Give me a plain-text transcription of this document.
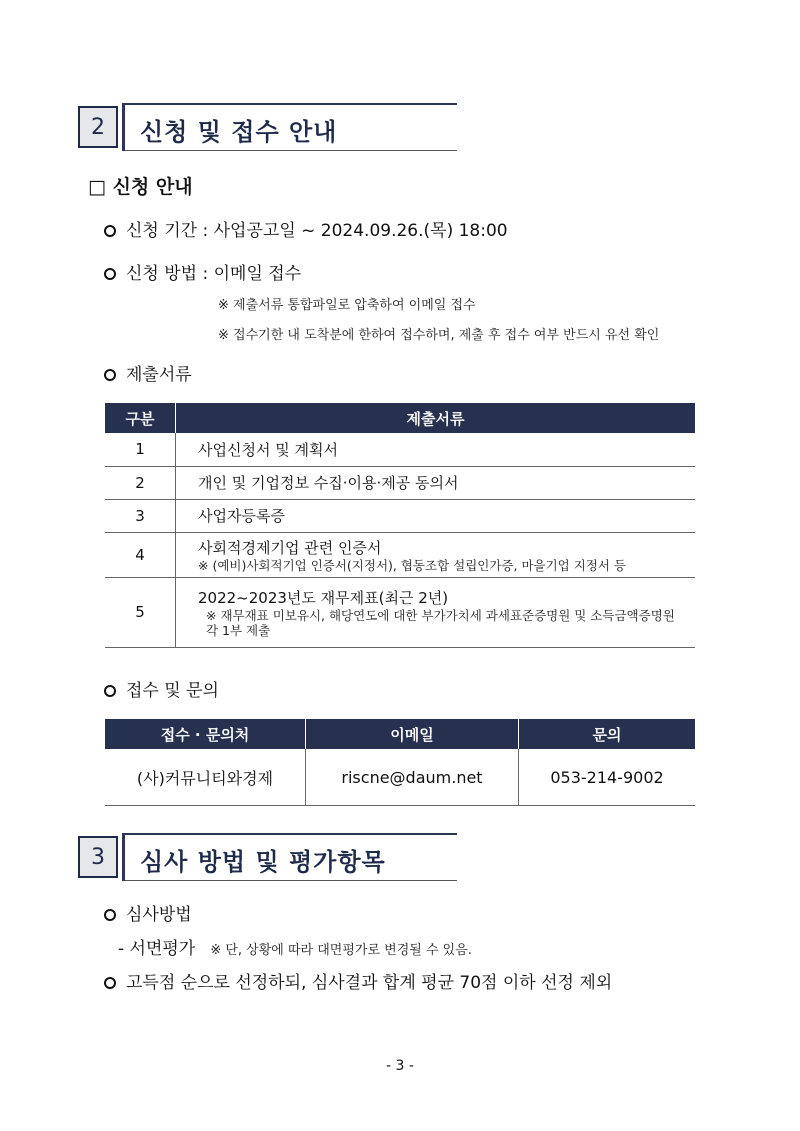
2	신청 및 접수 안내
□ 신청 안내
신청 기간 : 사업공고일 ~ 2024.09.26.(목) 18:00
신청 방법 : 이메일 접수
※ 제출서류 통합파일로 압축하여 이메일 접수
※ 접수기한 내 도착분에 한하여 접수하며, 제출 후 접수 여부 반드시 유선 확인
제출서류
구분	제출서류
1	사업신청서 및 계획서
2	개인 및 기업정보 수집·이용·제공 동의서
3	사업자등록증
4	사회적경제기업 관련 인증서
※ (예비)사회적기업 인증서(지정서), 협동조합 설립인가증, 마을기업 지정서 등

5	2022~2023년도 재무제표(최근 2년)
※ 재무재표 미보유시, 해당연도에 대한 부가가치세 과세표준증명원 및 소득금액증명원 각 1부 제출
접수 및 문의
접수 · 문의처	이메일	문의
(사)커뮤니티와경제	riscne@daum.net	053-214-9002
3	심사 방법 및 평가항목
심사방법
- 서면평가 ※ 단, 상황에 따라 대면평가로 변경될 수 있음.
고득점 순으로 선정하되, 심사결과 합계 평균 70점 이하 선정 제외
- 3 -
